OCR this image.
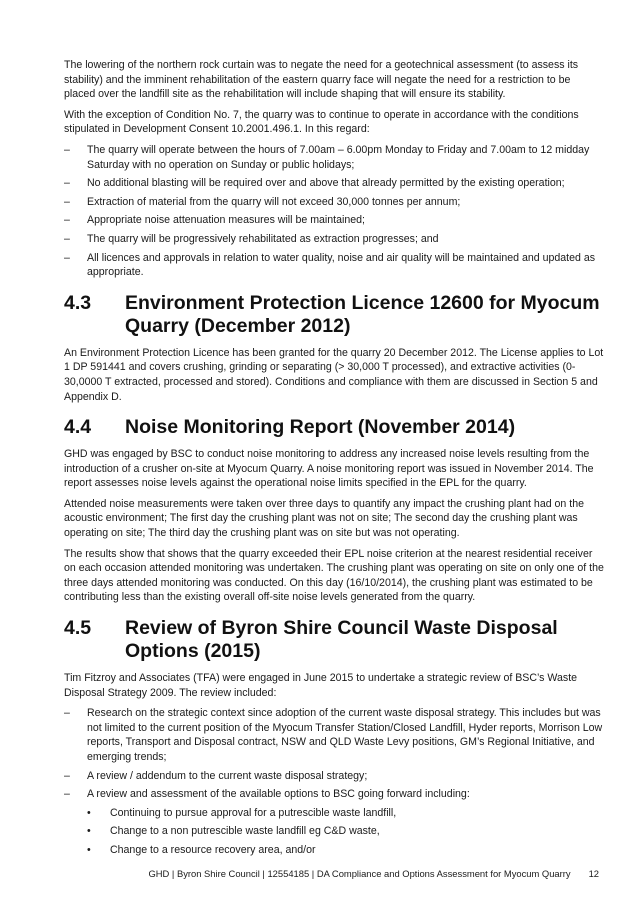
The lowering of the northern rock curtain was to negate the need for a geotechnical assessment (to assess its stability) and the imminent rehabilitation of the eastern quarry face will negate the need for a restriction to be placed over the landfill site as the rehabilitation will include shaping that will ensure its stability.

With the exception of Condition No. 7, the quarry was to continue to operate in accordance with the conditions stipulated in Development Consent 10.2001.496.1. In this regard:

– The quarry will operate between the hours of 7.00am – 6.00pm Monday to Friday and 7.00am to 12 midday Saturday with no operation on Sunday or public holidays;
– No additional blasting will be required over and above that already permitted by the existing operation;
– Extraction of material from the quarry will not exceed 30,000 tonnes per annum;
– Appropriate noise attenuation measures will be maintained;
– The quarry will be progressively rehabilitated as extraction progresses; and
– All licences and approvals in relation to water quality, noise and air quality will be maintained and updated as appropriate.
4.3	Environment Protection Licence 12600 for Myocum Quarry (December 2012)

An Environment Protection Licence has been granted for the quarry 20 December 2012. The License applies to Lot 1 DP 591441 and covers crushing, grinding or separating (> 30,000 T processed), and extractive activities (0-30,0000 T extracted, processed and stored). Conditions and compliance with them are discussed in Section 5 and Appendix D.

4.4	Noise Monitoring Report (November 2014)

GHD was engaged by BSC to conduct noise monitoring to address any increased noise levels resulting from the introduction of a crusher on-site at Myocum Quarry. A noise monitoring report was issued in November 2014. The report assesses noise levels against the operational noise limits specified in the EPL for the quarry.

Attended noise measurements were taken over three days to quantify any impact the crushing plant had on the acoustic environment; The first day the crushing plant was not on site; The second day the crushing plant was operating on site; The third day the crushing plant was on site but was not operating.

The results show that shows that the quarry exceeded their EPL noise criterion at the nearest residential receiver on each occasion attended monitoring was undertaken. The crushing plant was operating on site on only one of the three days attended monitoring was conducted. On this day (16/10/2014), the crushing plant was estimated to be contributing less than the existing overall off-site noise levels generated from the quarry.

4.5	Review of Byron Shire Council Waste Disposal Options (2015)

Tim Fitzroy and Associates (TFA) were engaged in June 2015 to undertake a strategic review of BSC’s Waste Disposal Strategy 2009. The review included:

– Research on the strategic context since adoption of the current waste disposal strategy. This includes but was not limited to the current position of the Myocum Transfer Station/Closed Landfill, Hyder reports, Morrison Low reports, Transport and Disposal contract, NSW and QLD Waste Levy positions, GM’s Regional Initiative, and emerging trends;
– A review / addendum to the current waste disposal strategy;
– A review and assessment of the available options to BSC going forward including:
• Continuing to pursue approval for a putrescible waste landfill,
• Change to a non putrescible waste landfill eg C&D waste,
• Change to a resource recovery area, and/or
GHD | Byron Shire Council | 12554185 | DA Compliance and Options Assessment for Myocum Quarry 12
